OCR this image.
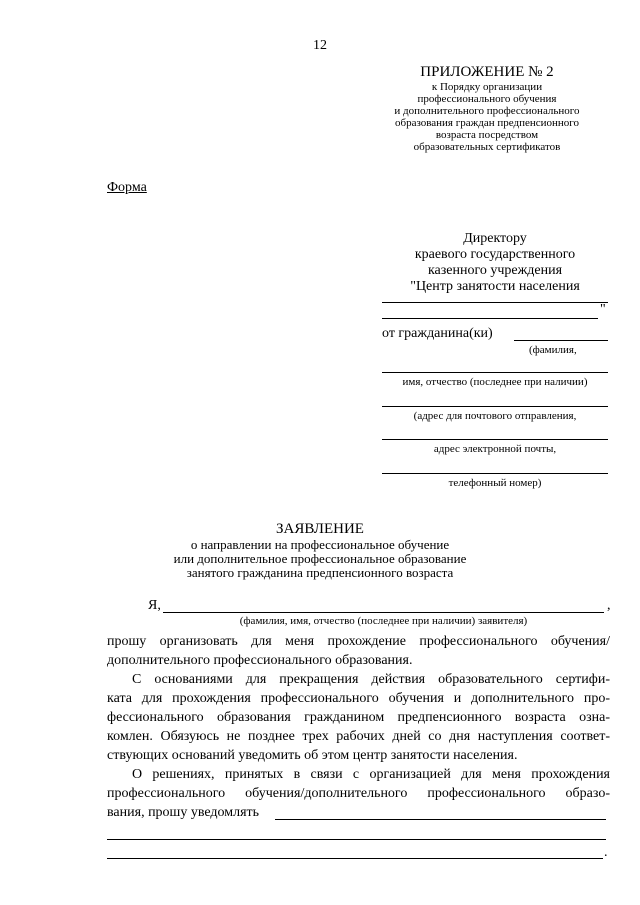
12
ПРИЛОЖЕНИЕ № 2
к Порядку организации
профессионального обучения
и дополнительного профессионального
образования граждан предпенсионного
возраста посредством
образовательных сертификатов
Форма
Директору
краевого государственного
казенного учреждения
"Центр занятости населения
"
от гражданина(ки)
(фамилия,
имя, отчество (последнее при наличии)
(адрес для почтового отправления,
адрес электронной почты,
телефонный номер)
ЗАЯВЛЕНИЕ
о направлении на профессиональное обучение
или дополнительное профессиональное образование
занятого гражданина предпенсионного возраста
Я,	,
(фамилия, имя, отчество (последнее при наличии) заявителя)
прошу организовать для меня прохождение профессионального обучения/
дополнительного профессионального образования.
С основаниями для прекращения действия образовательного сертифи-
ката для прохождения профессионального обучения и дополнительного про-
фессионального образования гражданином предпенсионного возраста озна-
комлен. Обязуюсь не позднее трех рабочих дней со дня наступления соответ-
ствующих оснований уведомить об этом центр занятости населения.
О решениях, принятых в связи с организацией для меня прохождения
профессионального обучения/дополнительного профессионального образо-
вания, прошу уведомлять
.
